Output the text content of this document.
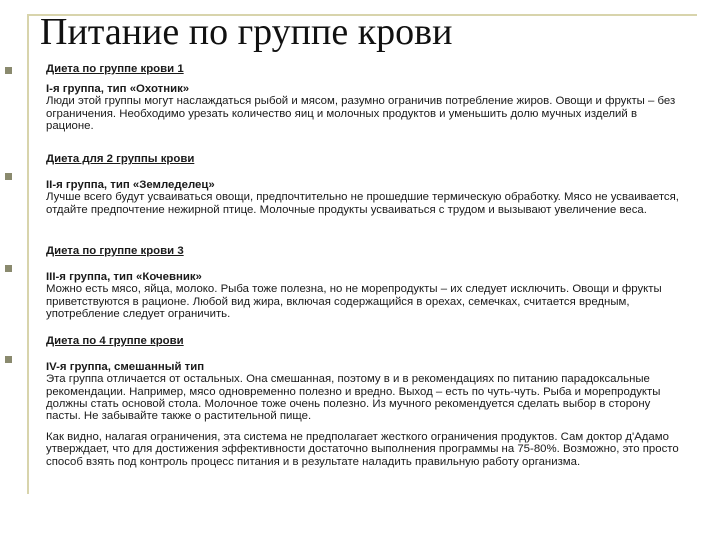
Питание по группе крови
Диета по группе крови 1
I-я группа, тип «Охотник»
Люди этой группы могут наслаждаться рыбой и мясом, разумно ограничив потребление жиров. Овощи и фрукты – без ограничения. Необходимо урезать количество яиц и молочных продуктов и уменьшить долю мучных изделий в рационе.
Диета для 2 группы крови
II-я группа, тип «Земледелец»
Лучше всего будут усваиваться овощи, предпочтительно не прошедшие термическую обработку. Мясо не усваивается, отдайте предпочтение нежирной птице. Молочные продукты усваиваться с трудом и вызывают увеличение веса.
Диета по группе крови 3
III-я группа, тип «Кочевник»
Можно есть мясо, яйца, молоко. Рыба тоже полезна, но не морепродукты – их следует исключить. Овощи и фрукты приветствуются в рационе. Любой вид жира, включая содержащийся в орехах, семечках, считается вредным, употребление следует ограничить.
Диета по 4 группе крови
IV-я группа, смешанный тип
Эта группа отличается от остальных. Она смешанная, поэтому в и в рекомендациях по питанию парадоксальные рекомендации. Например, мясо одновременно полезно и вредно. Выход – есть по чуть-чуть. Рыба и морепродукты должны стать основой стола. Молочное тоже очень полезно. Из мучного рекомендуется сделать выбор в сторону пасты. Не забывайте также о растительной пище.
Как видно, налагая ограничения, эта система не предполагает жесткого ограничения продуктов. Сам доктор д'Адамо утверждает, что для достижения эффективности достаточно выполнения программы на 75-80%. Возможно, это просто способ взять под контроль процесс питания и в результате наладить правильную работу организма.
